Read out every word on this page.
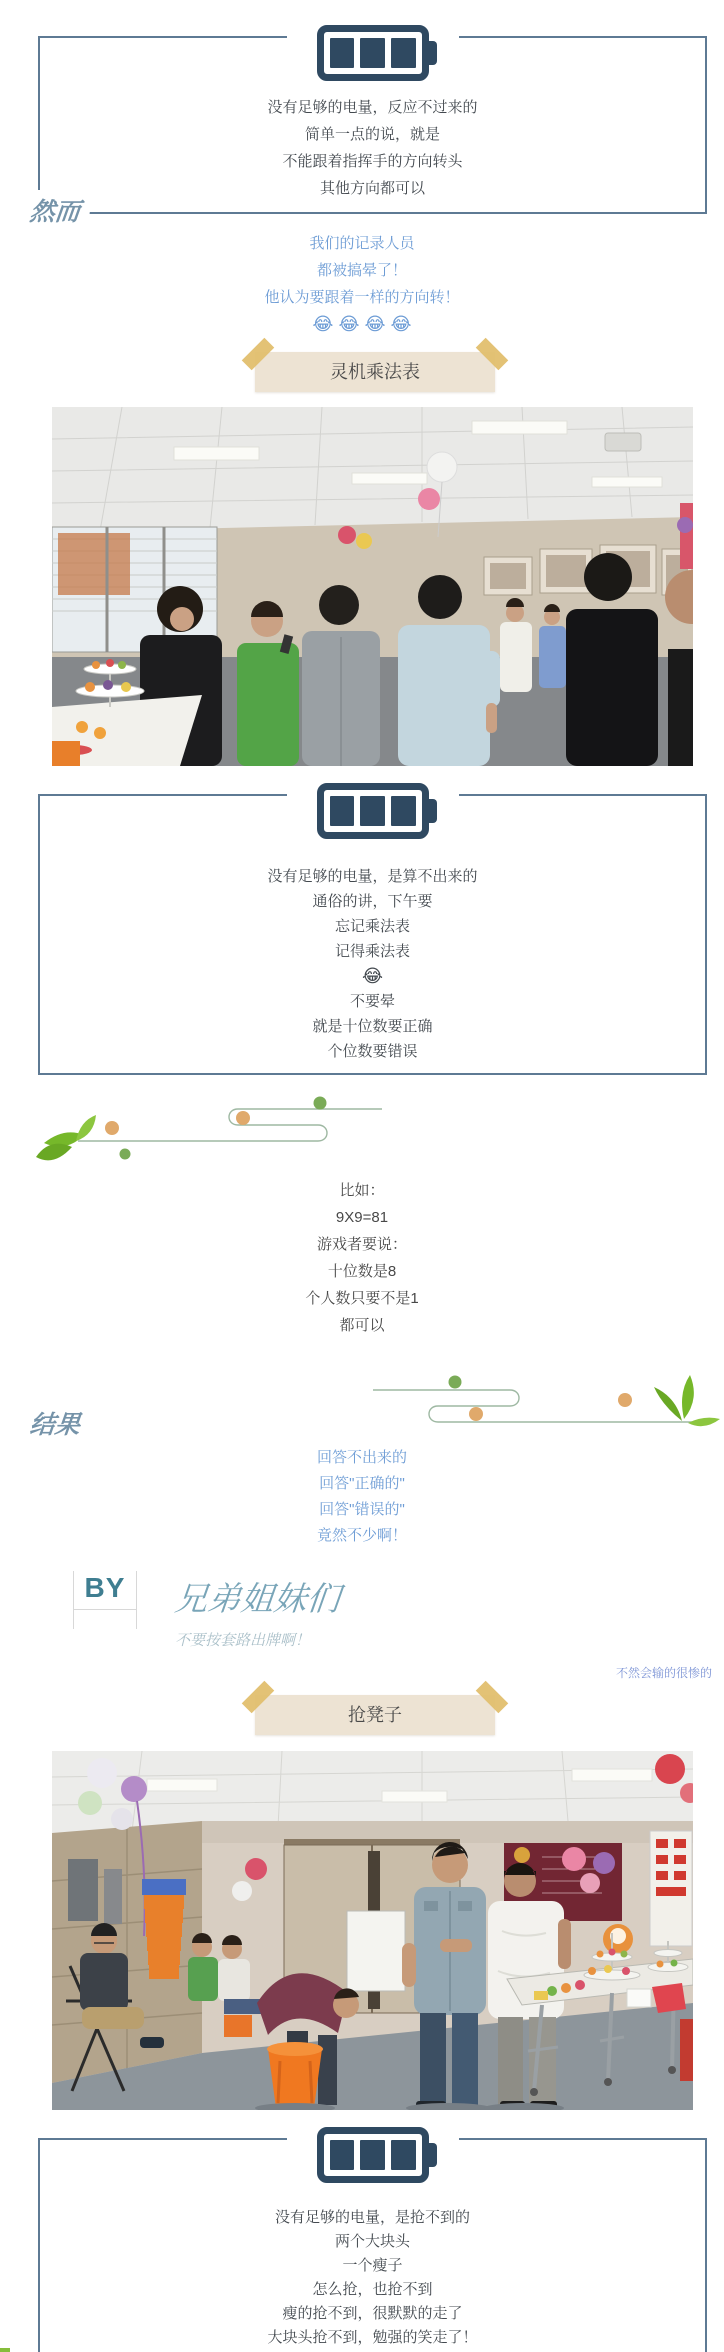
没有足够的电量，反应不过来的
简单一点的说，就是
不能跟着指挥手的方向转头
其他方向都可以
然而
我们的记录人员
都被搞晕了！
他认为要跟着一样的方向转！
😂 😂 😂 😂
灵机乘法表
没有足够的电量，是算不出来的
通俗的讲，下午要
忘记乘法表
记得乘法表
😂
不要晕
就是十位数要正确
个位数要错误
比如：
9X9=81
游戏者要说：
十位数是8
个人数只要不是1
都可以
结果
回答不出来的
回答"正确的"
回答"错误的"
竟然不少啊！
BY	兄弟姐妹们
不要按套路出牌啊！
不然会输的很惨的
抢凳子
没有足够的电量，是抢不到的
两个大块头
一个瘦子
怎么抢，也抢不到
瘦的抢不到，很默默的走了
大块头抢不到，勉强的笑走了！
